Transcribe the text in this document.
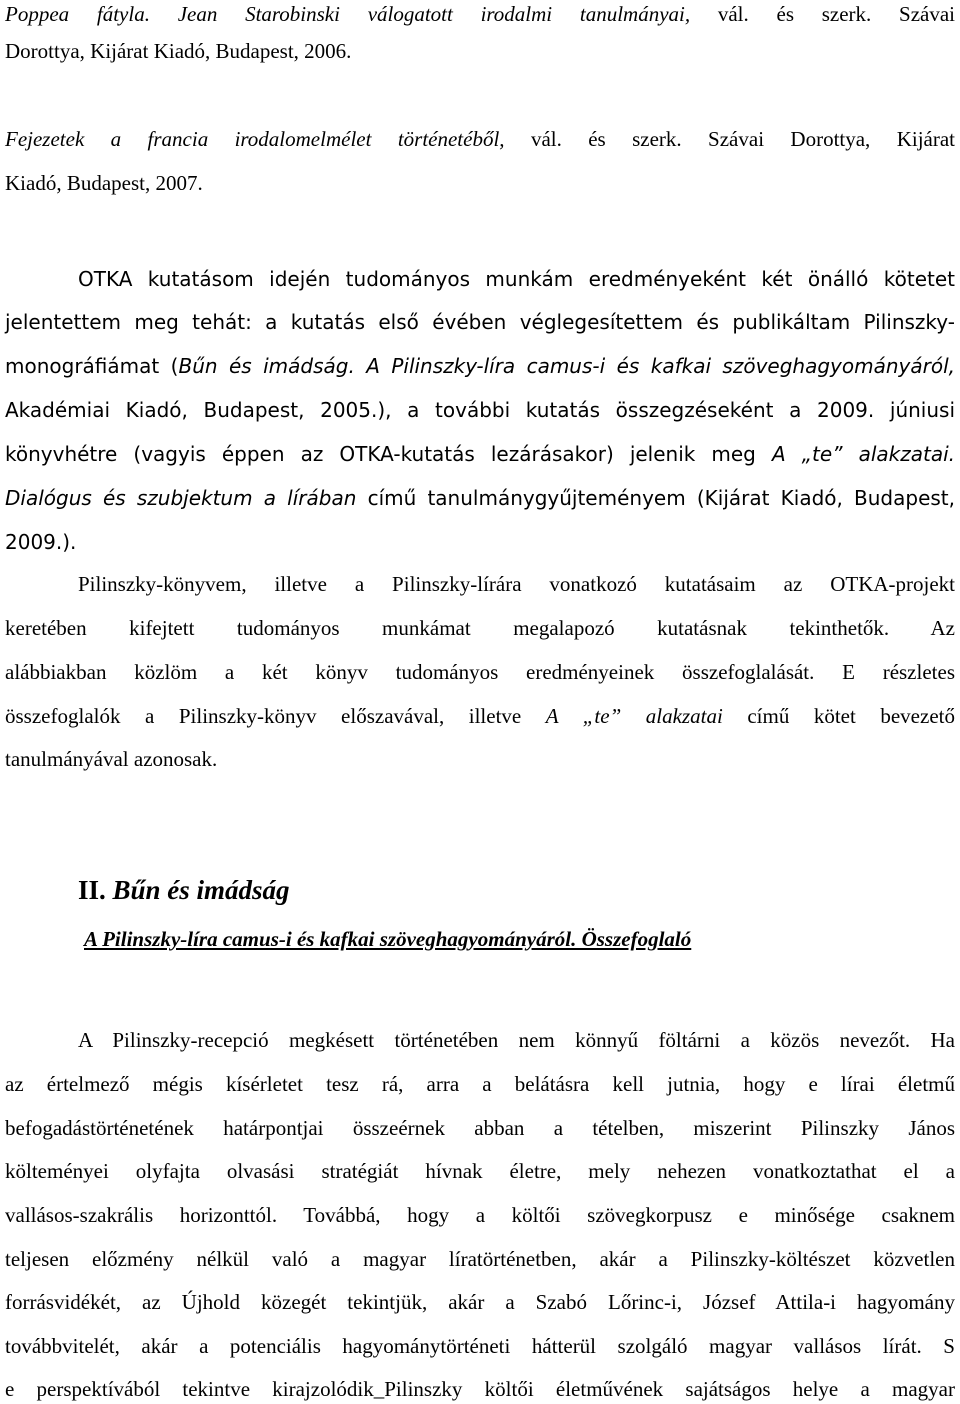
Poppea fátyla. Jean Starobinski válogatott irodalmi tanulmányai, vál. és szerk. Szávai
Dorottya, Kijárat Kiadó, Budapest, 2006.
Fejezetek a francia irodalomelmélet történetéből, vál. és szerk. Szávai Dorottya, Kijárat
Kiadó, Budapest, 2007.
OTKA kutatásom idején tudományos munkám eredményeként két önálló kötetet
jelentettem meg tehát: a kutatás első évében véglegesítettem és publikáltam Pilinszky-
monográfiámat (Bűn és imádság. A Pilinszky-líra camus-i és kafkai szöveghagyományáról,
Akadémiai Kiadó, Budapest, 2005.), a további kutatás összegzéseként a 2009. júniusi
könyvhétre (vagyis éppen az OTKA-kutatás lezárásakor) jelenik meg A „te” alakzatai.
Dialógus és szubjektum a lírában című tanulmánygyűjteményem (Kijárat Kiadó, Budapest,
2009.).
Pilinszky-könyvem, illetve a Pilinszky-lírára vonatkozó kutatásaim az OTKA-projekt
keretében kifejtett tudományos munkámat megalapozó kutatásnak tekinthetők. Az
alábbiakban közlöm a két könyv tudományos eredményeinek összefoglalását. E részletes
összefoglalók a Pilinszky-könyv előszavával, illetve A „te” alakzatai című kötet bevezető
tanulmányával azonosak.
II. Bűn és imádság
A Pilinszky-líra camus-i és kafkai szöveghagyományáról. Összefoglaló
A Pilinszky-recepció megkésett történetében nem könnyű föltárni a közös nevezőt. Ha
az értelmező mégis kísérletet tesz rá, arra a belátásra kell jutnia, hogy e lírai életmű
befogadástörténetének határpontjai összeérnek abban a tételben, miszerint Pilinszky János
költeményei olyfajta olvasási stratégiát hívnak életre, mely nehezen vonatkoztathat el a
vallásos-szakrális horizonttól. Továbbá, hogy a költői szövegkorpusz e minősége csaknem
teljesen előzmény nélkül való a magyar líratörténetben, akár a Pilinszky-költészet közvetlen
forrásvidékét, az Újhold közegét tekintjük, akár a Szabó Lőrinc-i, József Attila-i hagyomány
továbbvitelét, akár a potenciális hagyománytörténeti hátterül szolgáló magyar vallásos lírát. S
e perspektívából tekintve kirajzolódik_Pilinszky költői életművének sajátságos helye a magyar
